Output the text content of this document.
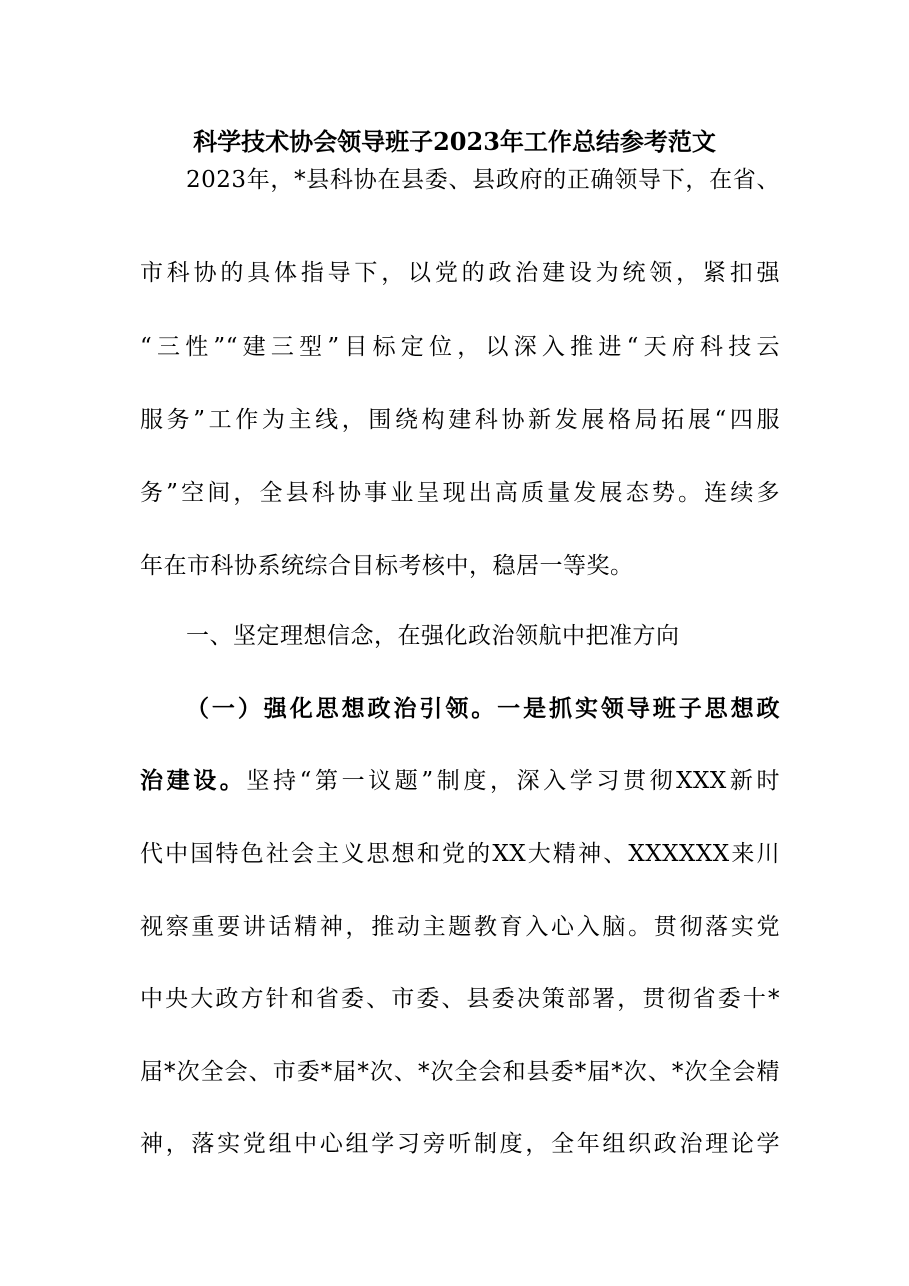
科学技术协会领导班子2023年工作总结参考范文
2023年，*县科协在县委、县政府的正确领导下，在省、
市科协的具体指导下，以党的政治建设为统领，紧扣强
“三性”“建三型”目标定位，以深入推进“天府科技云
服务”工作为主线，围绕构建科协新发展格局拓展“四服
务”空间，全县科协事业呈现出高质量发展态势。连续多
年在市科协系统综合目标考核中，稳居一等奖。
一、坚定理想信念，在强化政治领航中把准方向
（一）强化思想政治引领。一是抓实领导班子思想政
治建设。坚持“第一议题”制度，深入学习贯彻XXX新时
代中国特色社会主义思想和党的XX大精神、XXXXXX来川
视察重要讲话精神，推动主题教育入心入脑。贯彻落实党
中央大政方针和省委、市委、县委决策部署，贯彻省委十*
届*次全会、市委*届*次、*次全会和县委*届*次、*次全会精
神，落实党组中心组学习旁听制度，全年组织政治理论学
